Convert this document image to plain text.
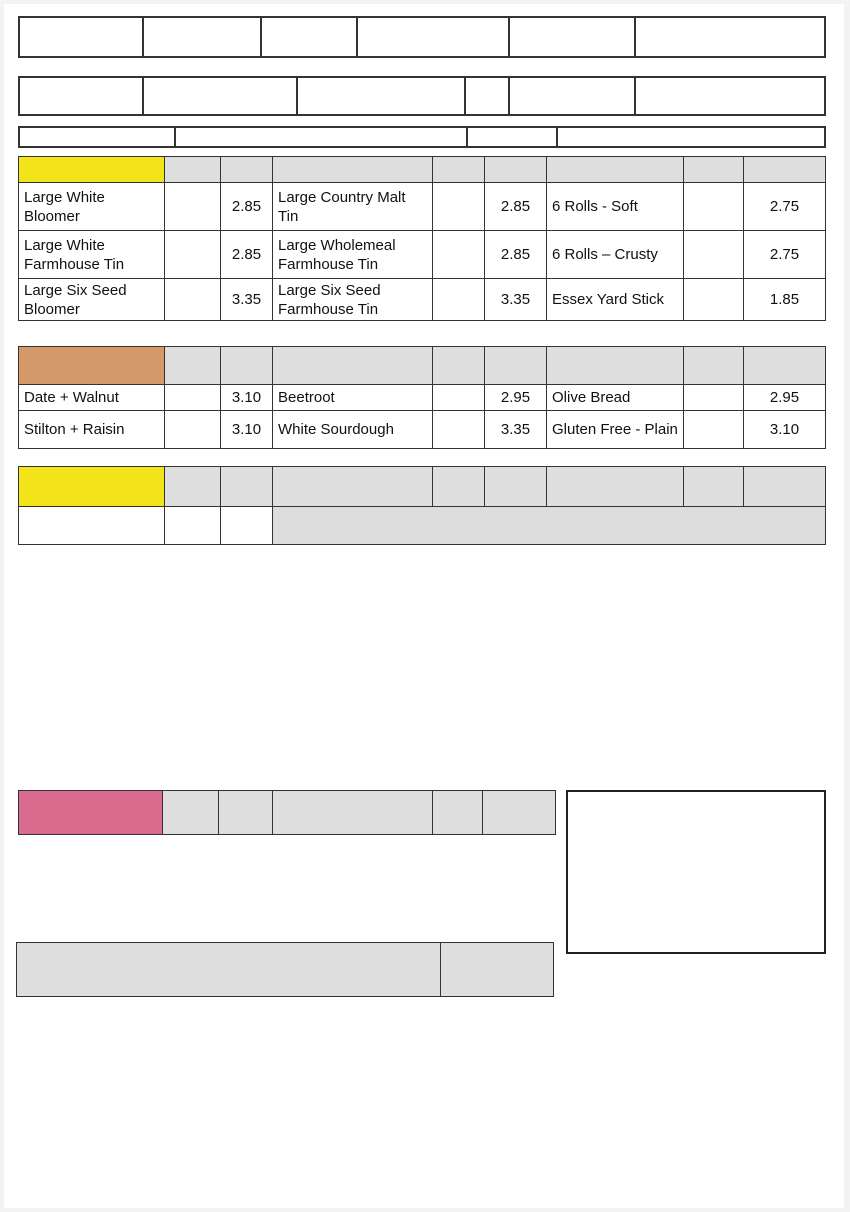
Large White Bloomer		2.85	Large Country Malt Tin		2.85	6 Rolls - Soft		2.75
Large White Farmhouse Tin		2.85	Large Wholemeal Farmhouse Tin		2.85	6 Rolls – Crusty		2.75
Large Six Seed Bloomer		3.35	Large Six Seed Farmhouse Tin		3.35	Essex Yard Stick		1.85

Date + Walnut		3.10	Beetroot		2.95	Olive Bread		2.95
Stilton + Raisin		3.10	White Sourdough		3.35	Gluten Free - Plain		3.10
